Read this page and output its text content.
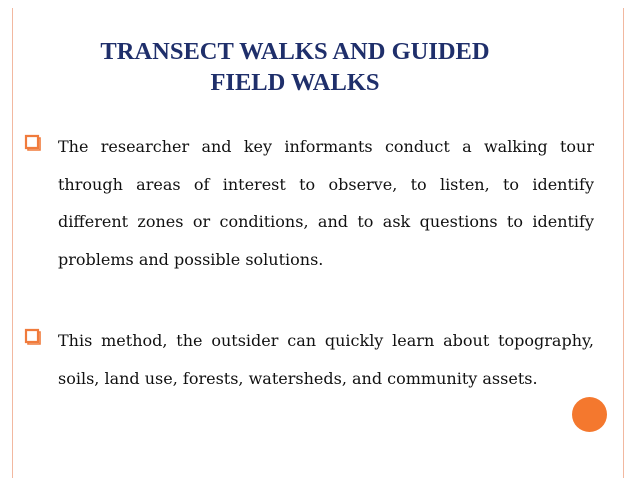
TRANSECT WALKS AND GUIDED
FIELD WALKS
The researcher and key informants conduct a walking tour through areas of interest to observe, to listen, to identify different zones or conditions, and to ask questions to identify problems and possible solutions.
This method, the outsider can quickly learn about topography, soils, land use, forests, watersheds, and community assets.
